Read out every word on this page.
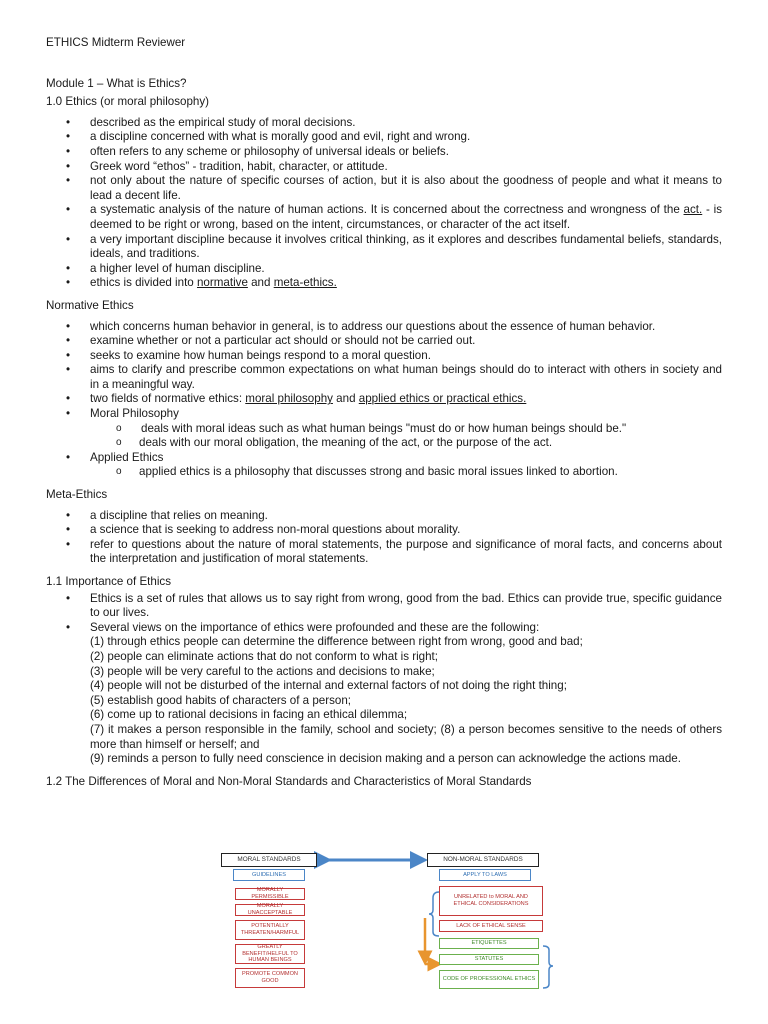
ETHICS Midterm Reviewer
Module 1 – What is Ethics?
1.0 Ethics (or moral philosophy)
• described as the empirical study of moral decisions.
• a discipline concerned with what is morally good and evil, right and wrong.
• often refers to any scheme or philosophy of universal ideals or beliefs.
• Greek word “ethos” - tradition, habit, character, or attitude.
• not only about the nature of specific courses of action, but it is also about the goodness of people and what it means to lead a decent life.
• a systematic analysis of the nature of human actions. It is concerned about the correctness and wrongness of the act. - is deemed to be right or wrong, based on the intent, circumstances, or character of the act itself.
• a very important discipline because it involves critical thinking, as it explores and describes fundamental beliefs, standards, ideals, and traditions.
• a higher level of human discipline.
• ethics is divided into normative and meta-ethics.
Normative Ethics
• which concerns human behavior in general, is to address our questions about the essence of human behavior.
• examine whether or not a particular act should or should not be carried out.
• seeks to examine how human beings respond to a moral question.
• aims to clarify and prescribe common expectations on what human beings should do to interact with others in society and in a meaningful way.
• two fields of normative ethics: moral philosophy and applied ethics or practical ethics.
• Moral Philosophy
o deals with moral ideas such as what human beings "must do or how human beings should be."
o deals with our moral obligation, the meaning of the act, or the purpose of the act.
• Applied Ethics
o applied ethics is a philosophy that discusses strong and basic moral issues linked to abortion.
Meta-Ethics
• a discipline that relies on meaning.
• a science that is seeking to address non-moral questions about morality.
• refer to questions about the nature of moral statements, the purpose and significance of moral facts, and concerns about the interpretation and justification of moral statements.
1.1 Importance of Ethics
• Ethics is a set of rules that allows us to say right from wrong, good from the bad. Ethics can provide true, specific guidance to our lives.
• Several views on the importance of ethics were profounded and these are the following:
(1) through ethics people can determine the difference between right from wrong, good and bad;
(2) people can eliminate actions that do not conform to what is right;
(3) people will be very careful to the actions and decisions to make;
(4) people will not be disturbed of the internal and external factors of not doing the right thing;
(5) establish good habits of characters of a person;
(6) come up to rational decisions in facing an ethical dilemma;
(7) it makes a person responsible in the family, school and society; (8) a person becomes sensitive to the needs of others more than himself or herself; and
(9) reminds a person to fully need conscience in decision making and a person can acknowledge the actions made.
1.2 The Differences of Moral and Non-Moral Standards and Characteristics of Moral Standards
MORAL STANDARDS	NON-MORAL STANDARDS
GUIDELINES
MORALLY PERMISSIBLE
MORALLY UNACCEPTABLE
POTENTIALLY THREATEN/HARMFUL
GREATLY BENEFIT/HELFUL TO HUMAN BEINGS
PROMOTE COMMON GOOD
APPLY TO LAWS
UNRELATED to MORAL AND ETHICAL CONSIDERATIONS
LACK OF ETHICAL SENSE
ETIQUETTES
STATUTES
CODE OF PROFESSIONAL ETHICS
